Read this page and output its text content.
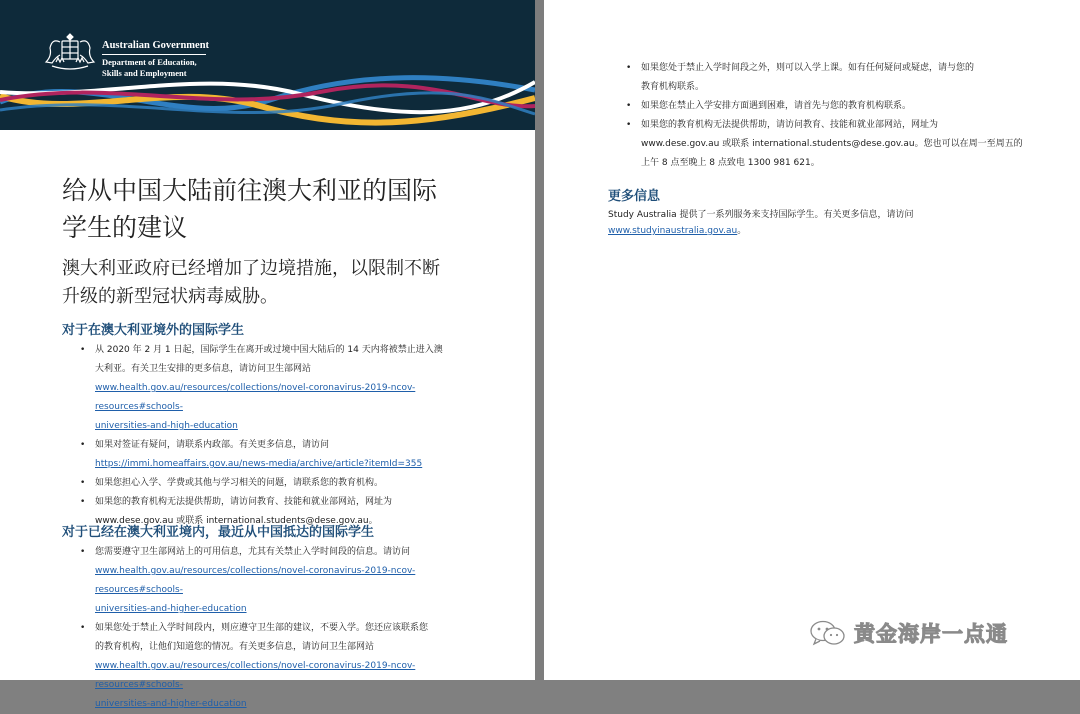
Australian Government
Department of Education,
Skills and Employment
给从中国大陆前往澳大利亚的国际
学生的建议
澳大利亚政府已经增加了边境措施，以限制不断
升级的新型冠状病毒威胁。
对于在澳大利亚境外的国际学生
• 从 2020 年 2 月 1 日起，国际学生在离开或过境中国大陆后的 14 天内将被禁止进入澳
大利亚。有关卫生安排的更多信息，请访问卫生部网站
www.health.gov.au/resources/collections/novel-coronavirus-2019-ncov-resources#schools-
universities-and-high-education
• 如果对签证有疑问，请联系内政部。有关更多信息，请访问
https://immi.homeaffairs.gov.au/news-media/archive/article?itemId=355
• 如果您担心入学、学费或其他与学习相关的问题，请联系您的教育机构。
• 如果您的教育机构无法提供帮助，请访问教育、技能和就业部网站，网址为
www.dese.gov.au 或联系 international.students@dese.gov.au。
对于已经在澳大利亚境内，最近从中国抵达的国际学生
• 您需要遵守卫生部网站上的可用信息，尤其有关禁止入学时间段的信息。请访问
www.health.gov.au/resources/collections/novel-coronavirus-2019-ncov-resources#schools-
universities-and-higher-education
• 如果您处于禁止入学时间段内，则应遵守卫生部的建议，不要入学。您还应该联系您
的教育机构，让他们知道您的情况。有关更多信息，请访问卫生部网站
www.health.gov.au/resources/collections/novel-coronavirus-2019-ncov-resources#schools-
universities-and-higher-education
• 如果您处于禁止入学时间段之外，则可以入学上课。如有任何疑问或疑虑，请与您的
教育机构联系。
• 如果您在禁止入学安排方面遇到困难，请首先与您的教育机构联系。
• 如果您的教育机构无法提供帮助，请访问教育、技能和就业部网站，网址为
www.dese.gov.au 或联系 international.students@dese.gov.au。您也可以在周一至周五的
上午 8 点至晚上 8 点致电 1300 981 621。
更多信息
Study Australia 提供了一系列服务来支持国际学生。有关更多信息，请访问
www.studyinaustralia.gov.au。
黄金海岸一点通
